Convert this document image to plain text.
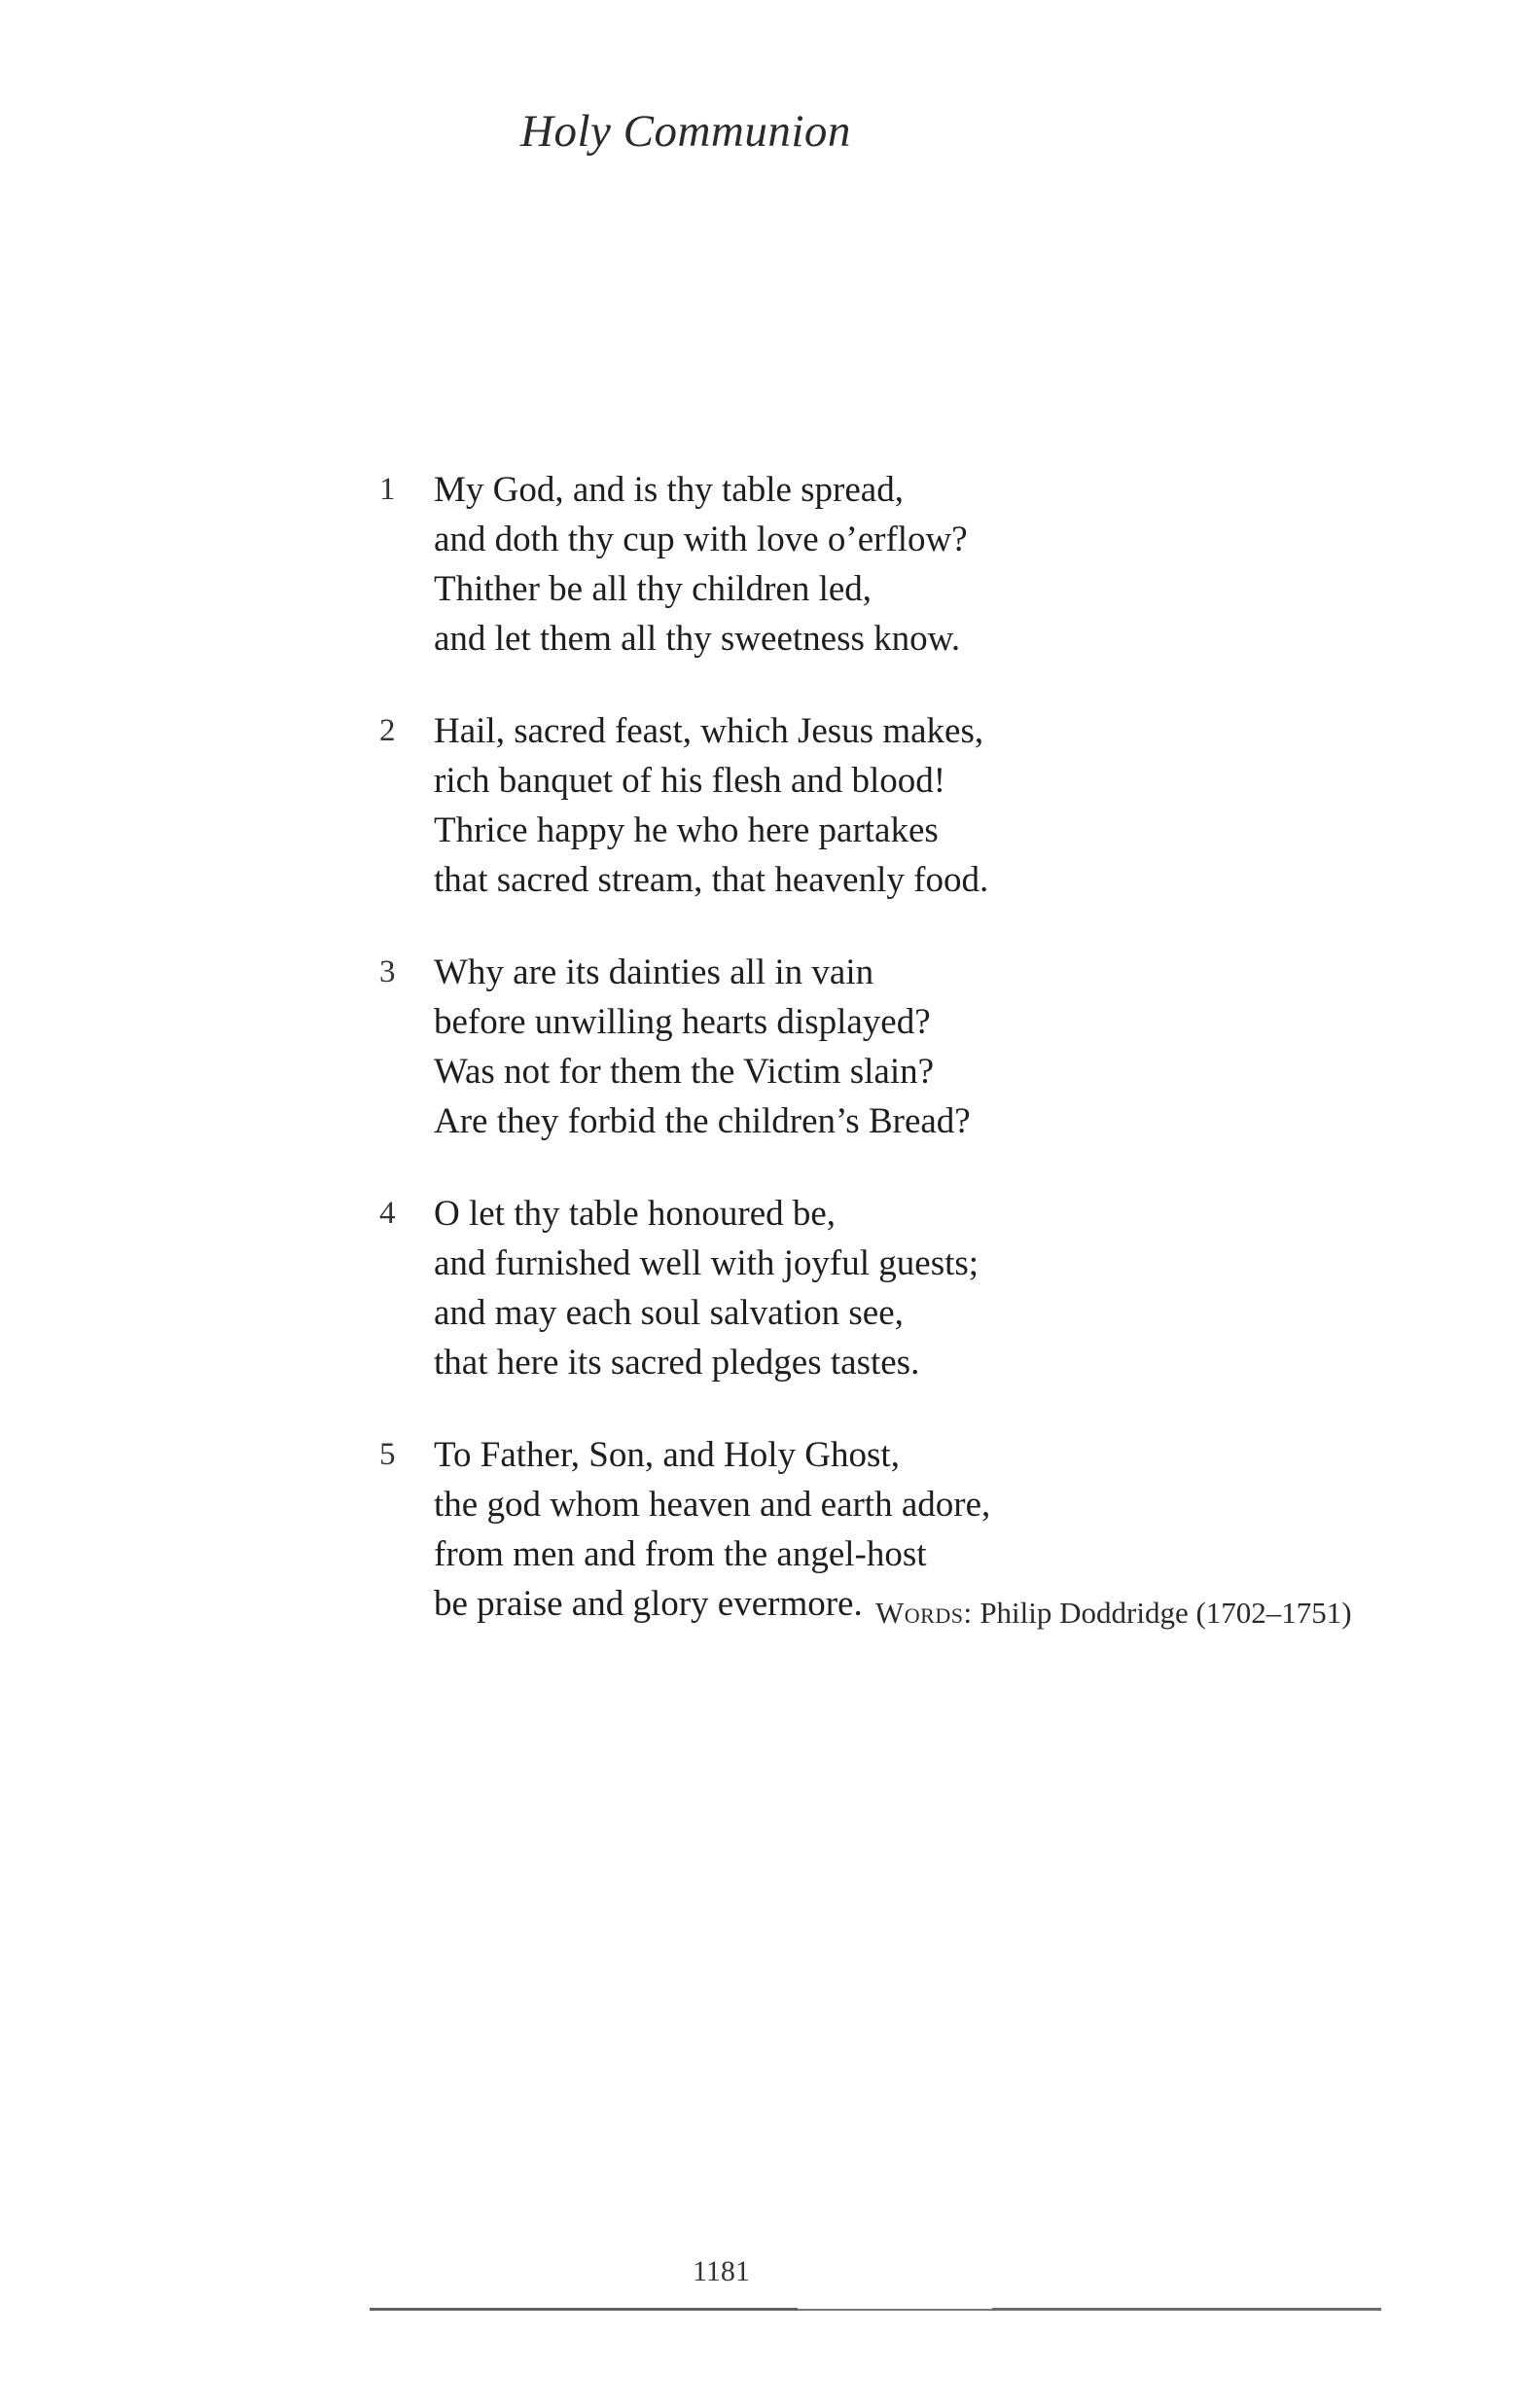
Holy Communion
1 My God, and is thy table spread,
and doth thy cup with love o’erflow?
Thither be all thy children led,
and let them all thy sweetness know.
2 Hail, sacred feast, which Jesus makes,
rich banquet of his flesh and blood!
Thrice happy he who here partakes
that sacred stream, that heavenly food.
3 Why are its dainties all in vain
before unwilling hearts displayed?
Was not for them the Victim slain?
Are they forbid the children’s Bread?
4 O let thy table honoured be,
and furnished well with joyful guests;
and may each soul salvation see,
that here its sacred pledges tastes.
5 To Father, Son, and Holy Ghost,
the god whom heaven and earth adore,
from men and from the angel-host
be praise and glory evermore. Words: Philip Doddridge (1702–1751)
1181
